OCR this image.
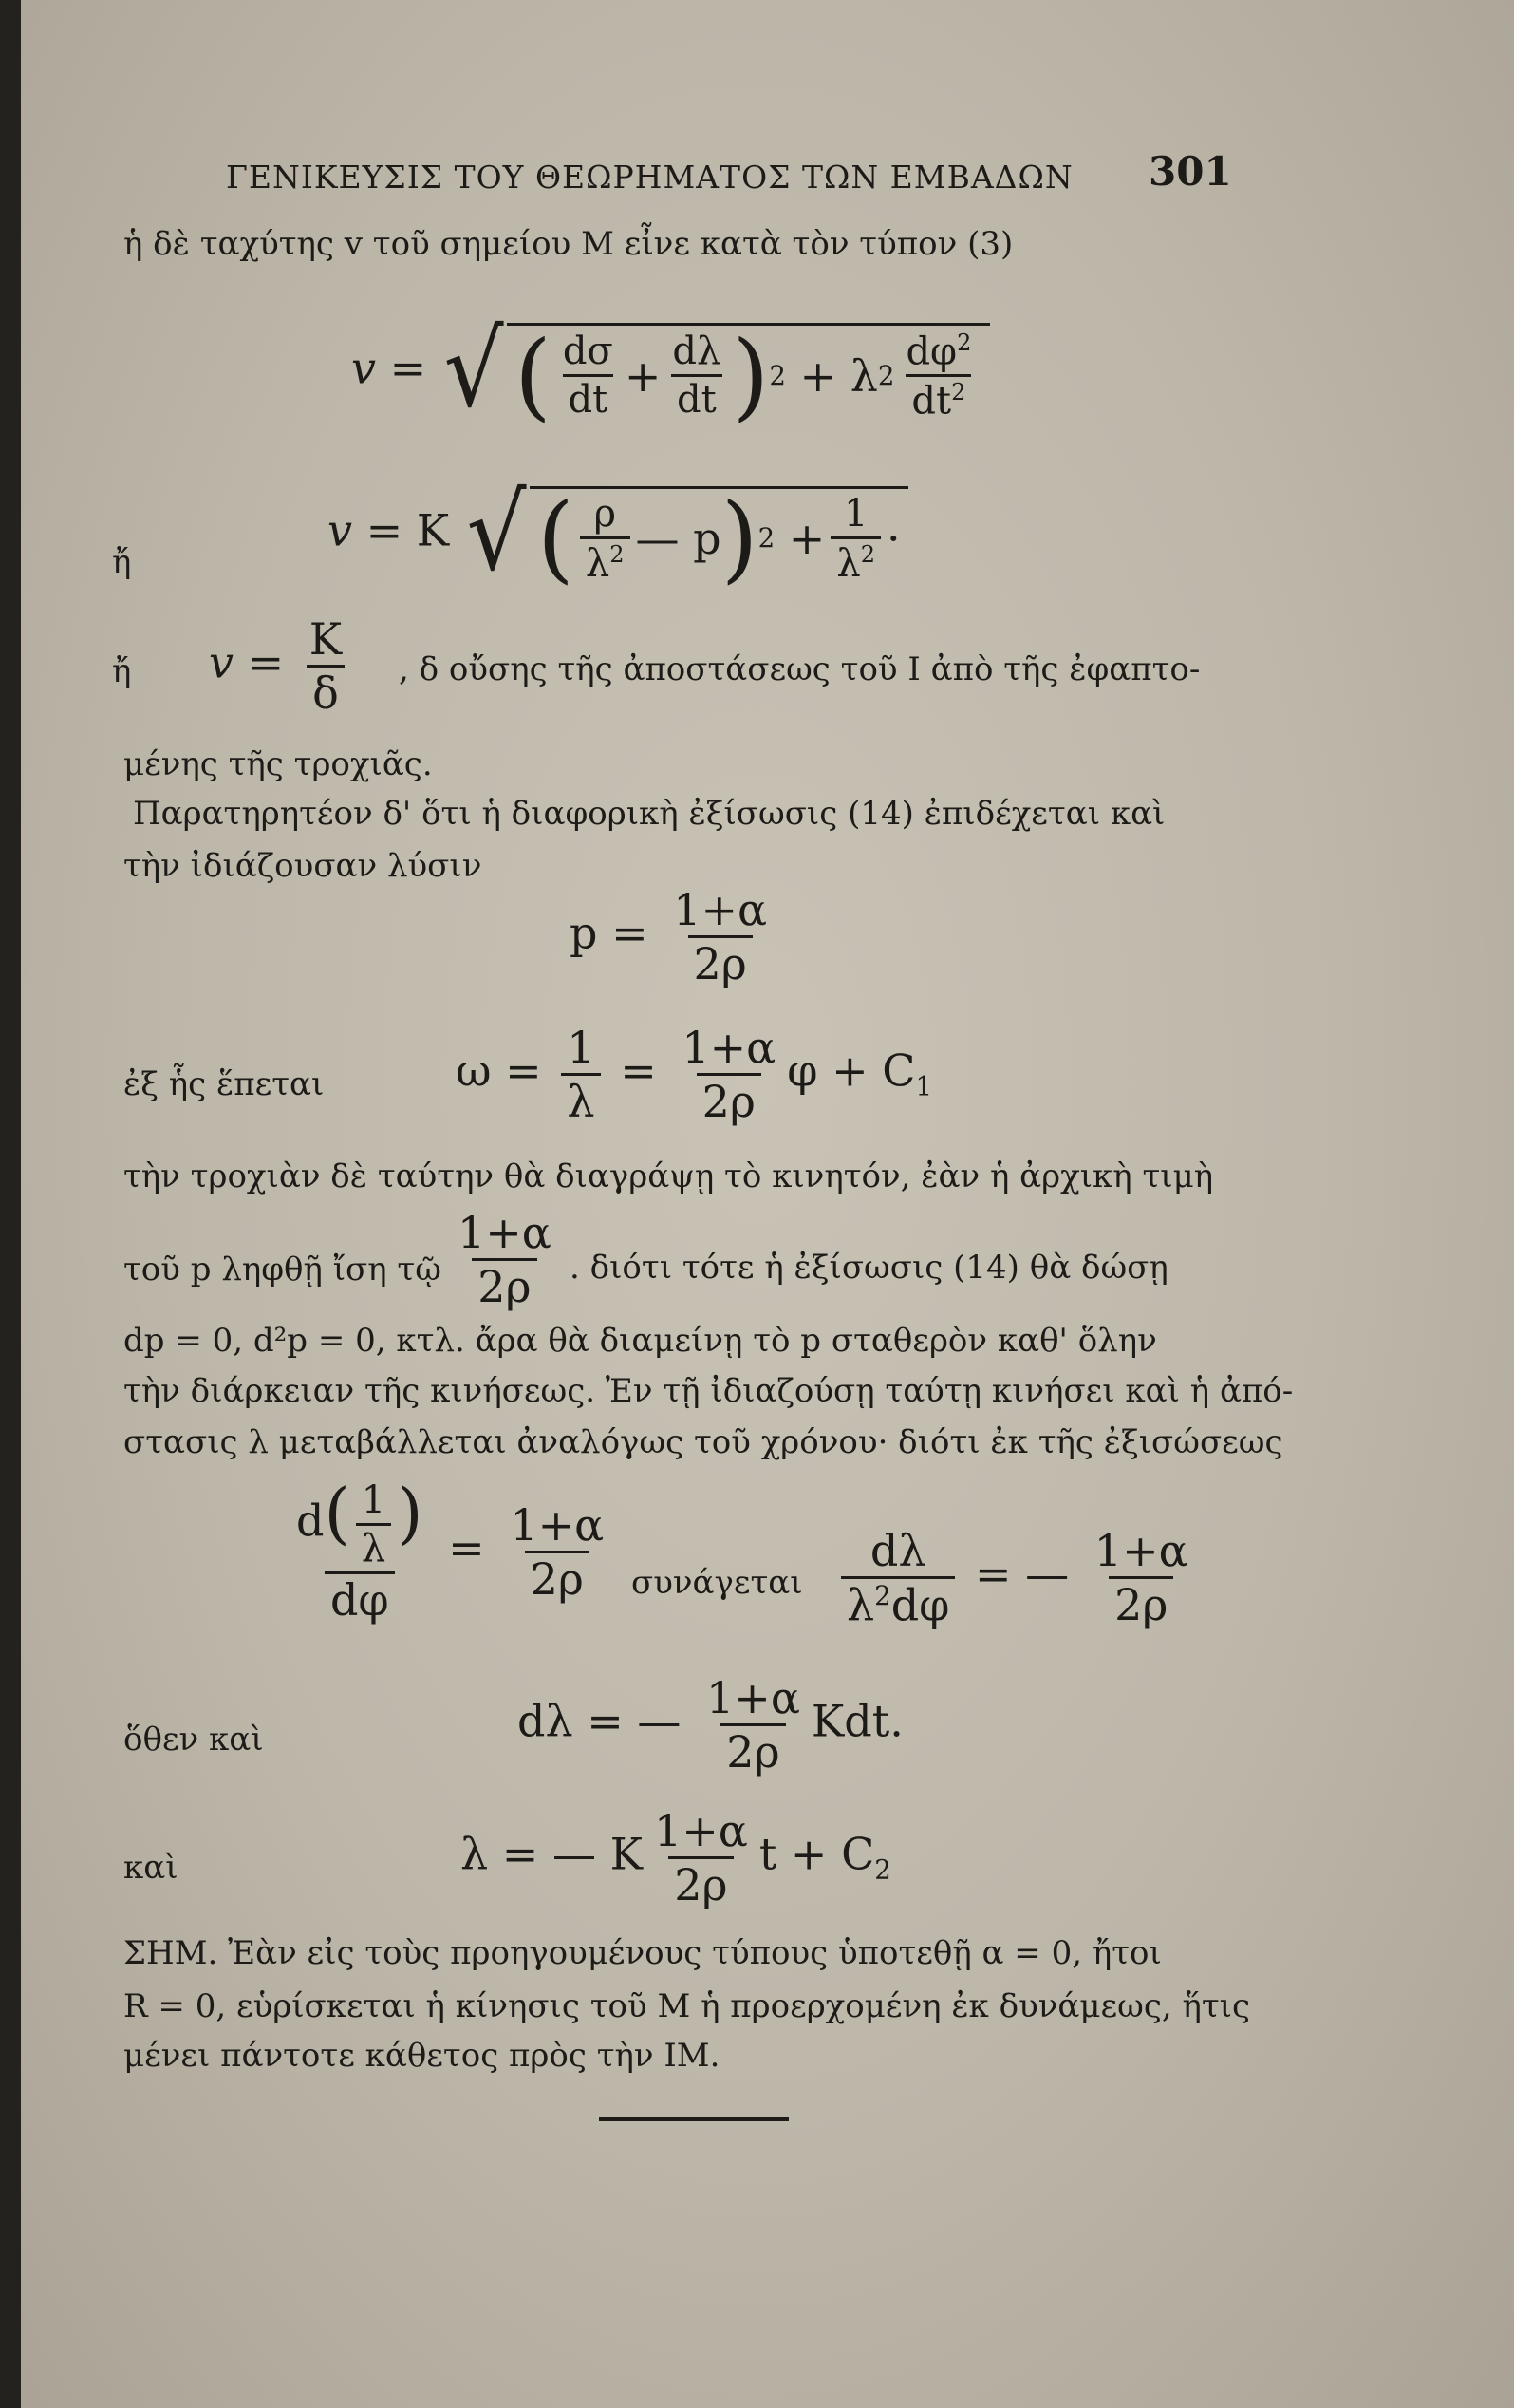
ΓΕΝΙΚΕΥΣΙΣ ΤΟΥ ΘΕΩΡΗΜΑΤΟΣ ΤΩΝ ΕΜΒΑΔΩΝ 301
ἡ δὲ ταχύτης v τοῦ σημείου Μ εἶνε κατὰ τὸν τύπον (3)
v = √ ( $\frac{d\sigma}{dt} + \frac{d\lambda}{dt}$ ) 2 + λ $2 \frac{d\varphi^2}{dt^2}$
ἤ
v = K √ ( $\frac{\rho}{\lambda^2}$ — p ) $2 + \frac{1}{\lambda^2}$ ·
ἤ $v = \frac{K}{\delta}$ , δ οὔσης τῆς ἀποστάσεως τοῦ Ι ἀπὸ τῆς ἐφαπτο-
μένης τῆς τροχιᾶς.
Παρατηρητέον δ' ὅτι ἡ διαφορικὴ ἐξίσωσις (14) ἐπιδέχεται καὶ
τὴν ἰδιάζουσαν λύσιν
$p = \frac{1+\alpha}{2\rho}$
ἐξ ἧς ἕπεται	$\omega = \frac{1}{\lambda} = \frac{1+\alpha}{2\rho}$ $\varphi + C_1$
τὴν τροχιὰν δὲ ταύτην θὰ διαγράψῃ τὸ κινητόν, ἐὰν ἡ ἀρχικὴ τιμὴ
τοῦ p ληφθῇ ἴση τῷ $\frac{1+\alpha}{2\rho}$ . διότι τότε ἡ ἐξίσωσις (14) θὰ δώσῃ
dp = 0, d²p = 0, κτλ. ἄρα θὰ διαμείνῃ τὸ p σταθερὸν καθ' ὅλην
τὴν διάρκειαν τῆς κινήσεως. Ἐν τῇ ἰδιαζούσῃ ταύτῃ κινήσει καὶ ἡ ἀπό-
στασις λ μεταβάλλεται ἀναλόγως τοῦ χρόνου· διότι ἐκ τῆς ἐξισώσεως
$\frac{d( \frac{1}{\lambda} )}{d\varphi} = \frac{1+\alpha}{2\rho}$ συνάγεται $\frac{d\lambda}{\lambda^2d\varphi}$ = — $\frac{1+\alpha}{2\rho}$
ὅθεν καὶ	dλ = — $\frac{1+\alpha}{2\rho}$ Kdt.
καὶ	λ = — K $\frac{1+\alpha}{2\rho}$ $t + C_2$
ΣΗΜ. Ἐὰν εἰς τοὺς προηγουμένους τύπους ὑποτεθῇ α = 0, ἤτοι
R = 0, εὑρίσκεται ἡ κίνησις τοῦ Μ ἡ προερχομένη ἐκ δυνάμεως, ἥτις
μένει πάντοτε κάθετος πρὸς τὴν ΙΜ.
